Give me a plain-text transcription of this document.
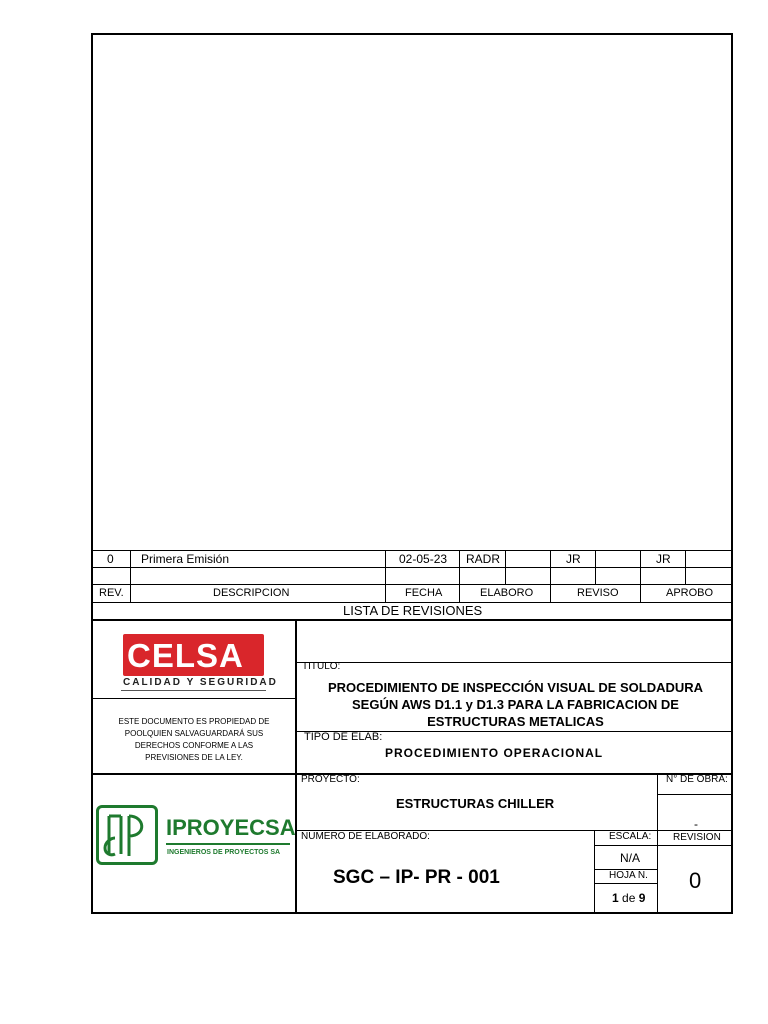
0 Primera Emisión	02-05-23 RADR	JR	JR
REV.	DESCRIPCION	FECHA	ELABORO	REVISO	APROBO
LISTA DE REVISIONES
CELSA
CALIDAD Y SEGURIDAD
ESTE DOCUMENTO ES PROPIEDAD DE
POOLQUIEN SALVAGUARDARÁ SUS
DERECHOS CONFORME A LAS
PREVISIONES DE LA LEY.
IPROYECSA
INGENIEROS DE PROYECTOS SA
TITULO:
PROCEDIMIENTO DE INSPECCIÓN VISUAL DE SOLDADURA
SEGÚN AWS D1.1 y D1.3 PARA LA FABRICACION DE
ESTRUCTURAS METALICAS
TIPO DE ELAB:
PROCEDIMIENTO OPERACIONAL
PROYECTO:
ESTRUCTURAS CHILLER
N° DE OBRA:
-
NUMERO DE ELABORADO:
SGC – IP- PR - 001
ESCALA:
N/A
REVISION
0
HOJA N.
1 de 9
